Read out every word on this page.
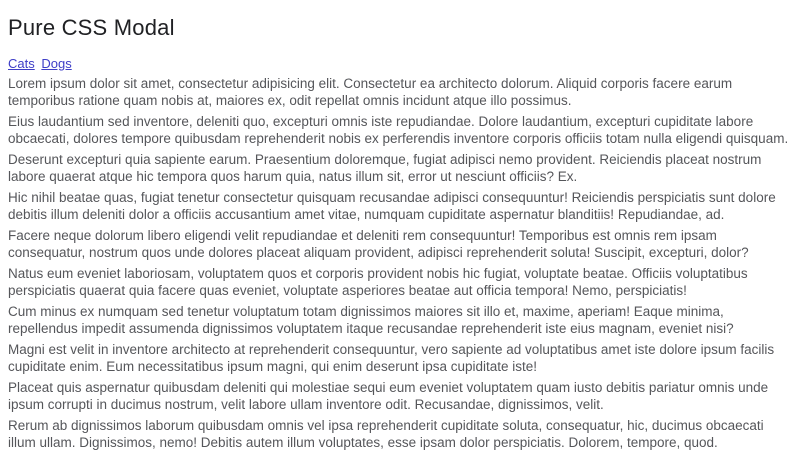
Pure CSS Modal
Cats Dogs

Lorem ipsum dolor sit amet, consectetur adipisicing elit. Consectetur ea architecto dolorum. Aliquid corporis facere earum temporibus ratione quam nobis at, maiores ex, odit repellat omnis incidunt atque illo possimus.

Eius laudantium sed inventore, deleniti quo, excepturi omnis iste repudiandae. Dolore laudantium, excepturi cupiditate labore obcaecati, dolores tempore quibusdam reprehenderit nobis ex perferendis inventore corporis officiis totam nulla eligendi quisquam.

Deserunt excepturi quia sapiente earum. Praesentium doloremque, fugiat adipisci nemo provident. Reiciendis placeat nostrum labore quaerat atque hic tempora quos harum quia, natus illum sit, error ut nesciunt officiis? Ex.

Hic nihil beatae quas, fugiat tenetur consectetur quisquam recusandae adipisci consequuntur! Reiciendis perspiciatis sunt dolore debitis illum deleniti dolor a officiis accusantium amet vitae, numquam cupiditate aspernatur blanditiis! Repudiandae, ad.

Facere neque dolorum libero eligendi velit repudiandae et deleniti rem consequuntur! Temporibus est omnis rem ipsam consequatur, nostrum quos unde dolores placeat aliquam provident, adipisci reprehenderit soluta! Suscipit, excepturi, dolor?

Natus eum eveniet laboriosam, voluptatem quos et corporis provident nobis hic fugiat, voluptate beatae. Officiis voluptatibus perspiciatis quaerat quia facere quas eveniet, voluptate asperiores beatae aut officia tempora! Nemo, perspiciatis!

Cum minus ex numquam sed tenetur voluptatum totam dignissimos maiores sit illo et, maxime, aperiam! Eaque minima, repellendus impedit assumenda dignissimos voluptatem itaque recusandae reprehenderit iste eius magnam, eveniet nisi?

Magni est velit in inventore architecto at reprehenderit consequuntur, vero sapiente ad voluptatibus amet iste dolore ipsum facilis cupiditate enim. Eum necessitatibus ipsum magni, qui enim deserunt ipsa cupiditate iste!

Placeat quis aspernatur quibusdam deleniti qui molestiae sequi eum eveniet voluptatem quam iusto debitis pariatur omnis unde ipsum corrupti in ducimus nostrum, velit labore ullam inventore odit. Recusandae, dignissimos, velit.

Rerum ab dignissimos laborum quibusdam omnis vel ipsa reprehenderit cupiditate soluta, consequatur, hic, ducimus obcaecati illum ullam. Dignissimos, nemo! Debitis autem illum voluptates, esse ipsam dolor perspiciatis. Dolorem, tempore, quod.
